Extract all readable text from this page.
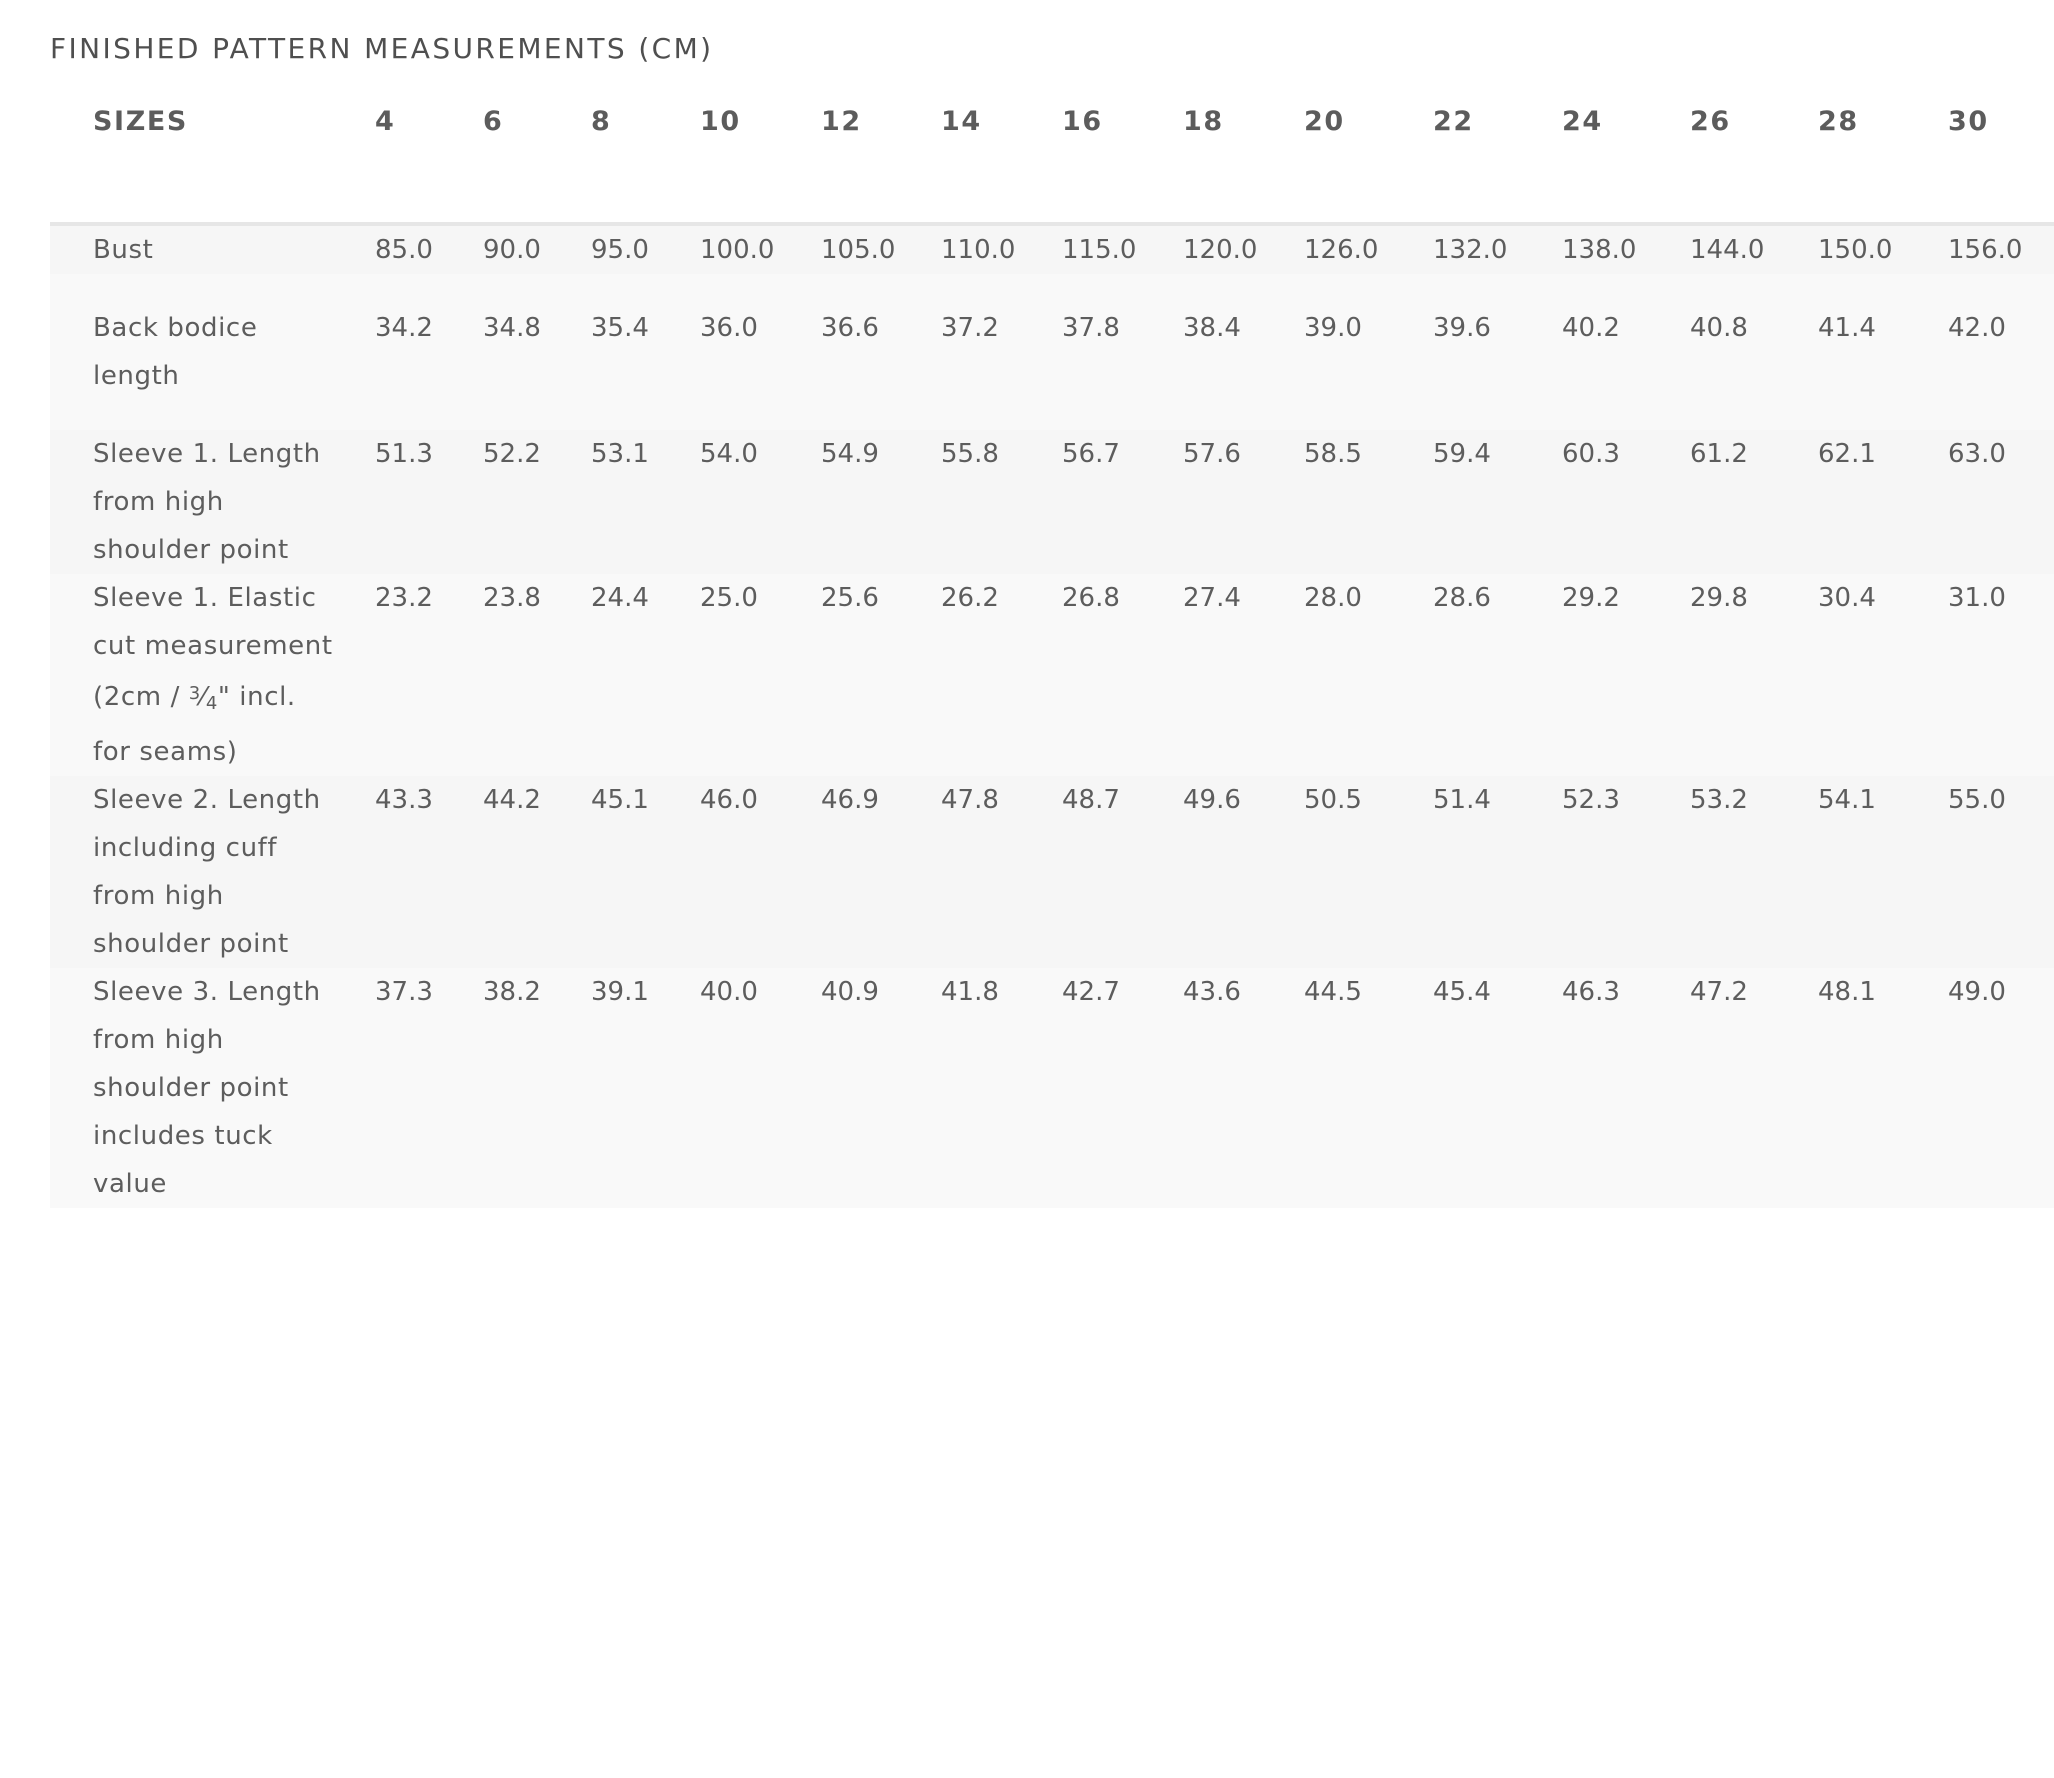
FINISHED PATTERN MEASUREMENTS (CM)
SIZES	4	6	8	10	12	14	16	18	20	22	24	26	28	30
Bust	85.0	90.0	95.0	100.0	105.0	110.0	115.0	120.0	126.0	132.0	138.0	144.0	150.0	156.0
Back bodice length	34.2	34.8	35.4	36.0	36.6	37.2	37.8	38.4	39.0	39.6	40.2	40.8	41.4	42.0
Sleeve 1. Length from high shoulder point	51.3	52.2	53.1	54.0	54.9	55.8	56.7	57.6	58.5	59.4	60.3	61.2	62.1	63.0
Sleeve 1. Elastic cut measurement (2cm / $^3$⁄4" incl. for seams)	23.2	23.8	24.4	25.0	25.6	26.2	26.8	27.4	28.0	28.6	29.2	29.8	30.4	31.0
Sleeve 2. Length including cuff from high shoulder point	43.3	44.2	45.1	46.0	46.9	47.8	48.7	49.6	50.5	51.4	52.3	53.2	54.1	55.0
Sleeve 3. Length from high shoulder point includes tuck value	37.3	38.2	39.1	40.0	40.9	41.8	42.7	43.6	44.5	45.4	46.3	47.2	48.1	49.0
